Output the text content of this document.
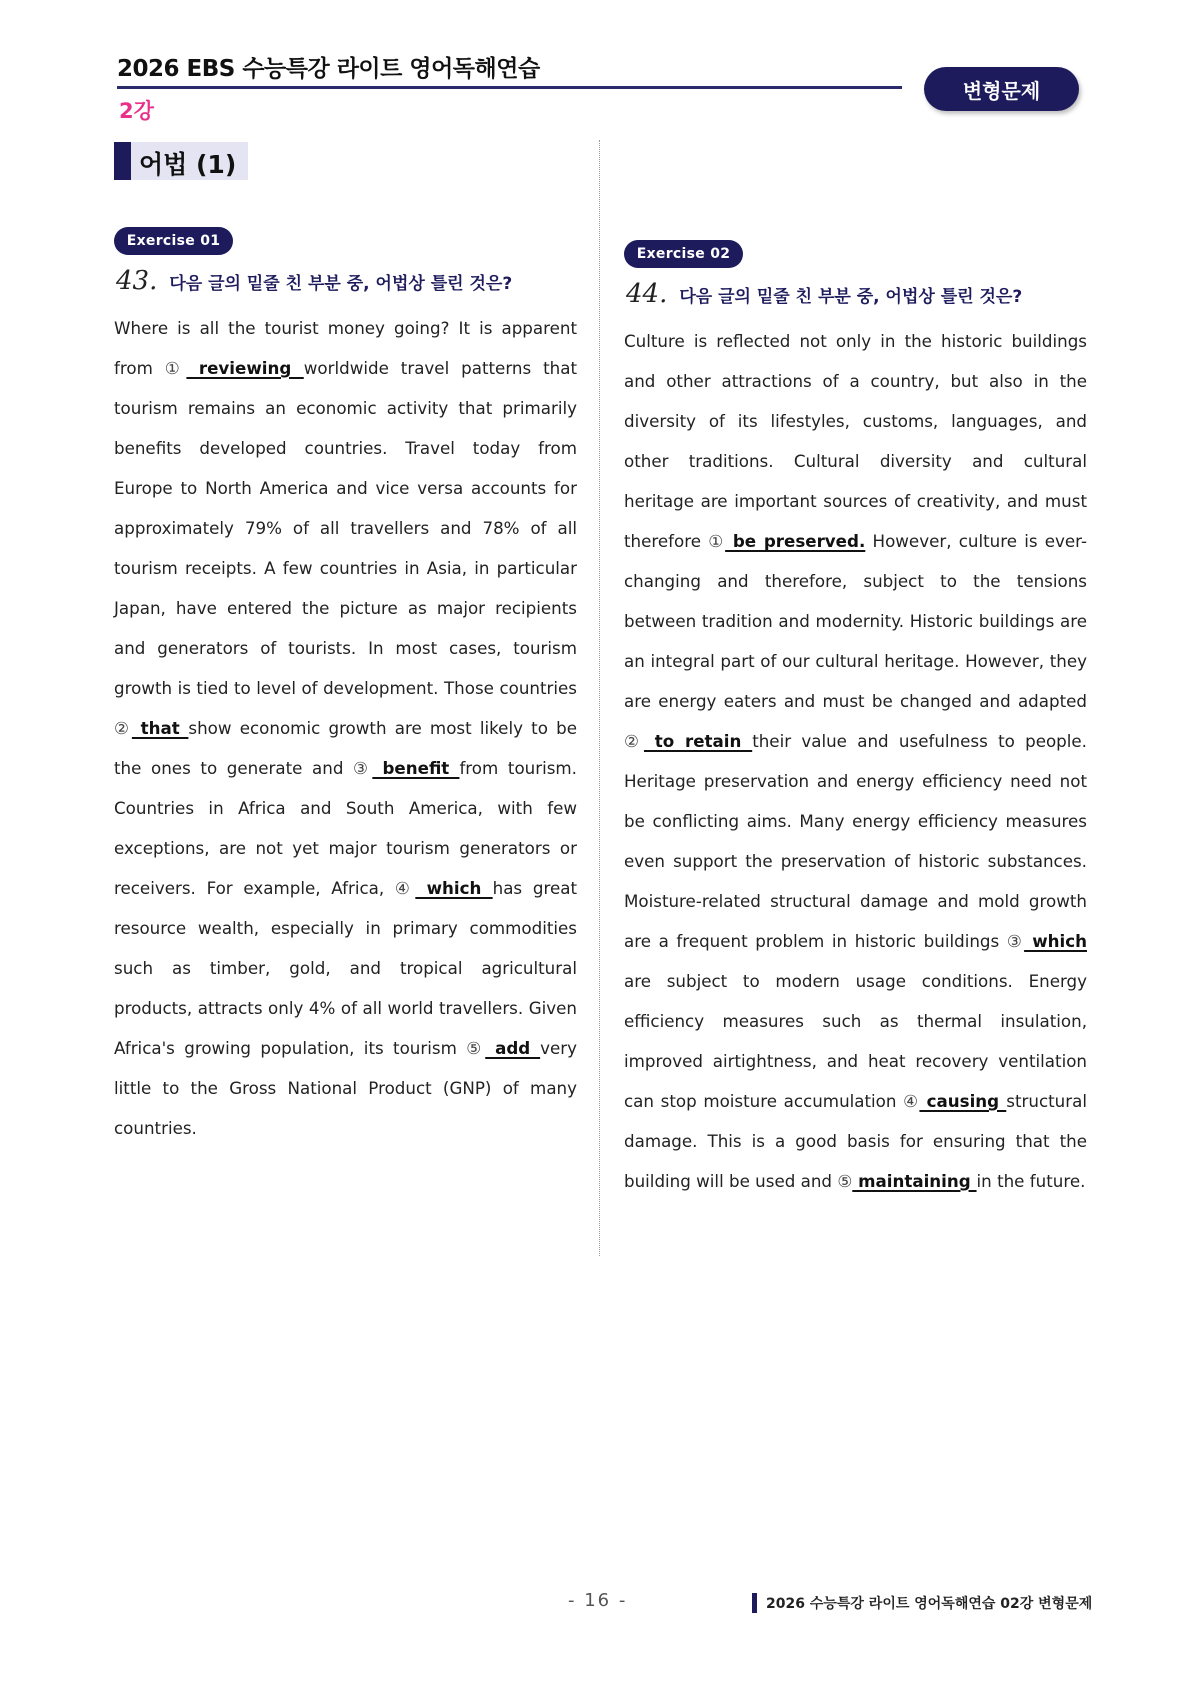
2026 EBS 수능특강 라이트 영어독해연습
2강
변형문제
어법 (1)
Exercise 01
43. 다음 글의 밑줄 친 부분 중, 어법상 틀린 것은?
Where is all the tourist money going? It is apparent from ① reviewing worldwide travel patterns that tourism remains an economic activity that primarily benefits developed countries. Travel today from Europe to North America and vice versa accounts for approximately 79% of all travellers and 78% of all tourism receipts. A few countries in Asia, in particular Japan, have entered the picture as major recipients and generators of tourists. In most cases, tourism growth is tied to level of development. Those countries ② that show economic growth are most likely to be the ones to generate and ③ benefit from tourism. Countries in Africa and South America, with few exceptions, are not yet major tourism generators or receivers. For example, Africa, ④ which has great resource wealth, especially in primary commodities such as timber, gold, and tropical agricultural products, attracts only 4% of all world travellers. Given Africa's growing population, its tourism ⑤ add very little to the Gross National Product (GNP) of many countries.
Exercise 02
44. 다음 글의 밑줄 친 부분 중, 어법상 틀린 것은?
Culture is reflected not only in the historic buildings and other attractions of a country, but also in the diversity of its lifestyles, customs, languages, and other traditions. Cultural diversity and cultural heritage are important sources of creativity, and must therefore ① be preserved. However, culture is ever-changing and therefore, subject to the tensions between tradition and modernity. Historic buildings are an integral part of our cultural heritage. However, they are energy eaters and must be changed and adapted ② to retain their value and usefulness to people. Heritage preservation and energy efficiency need not be conflicting aims. Many energy efficiency measures even support the preservation of historic substances. Moisture-related structural damage and mold growth are a frequent problem in historic buildings ③ which are subject to modern usage conditions. Energy efficiency measures such as thermal insulation, improved airtightness, and heat recovery ventilation can stop moisture accumulation ④ causing structural damage. This is a good basis for ensuring that the building will be used and ⑤ maintaining in the future.
- 16 -	2026 수능특강 라이트 영어독해연습 02강 변형문제
